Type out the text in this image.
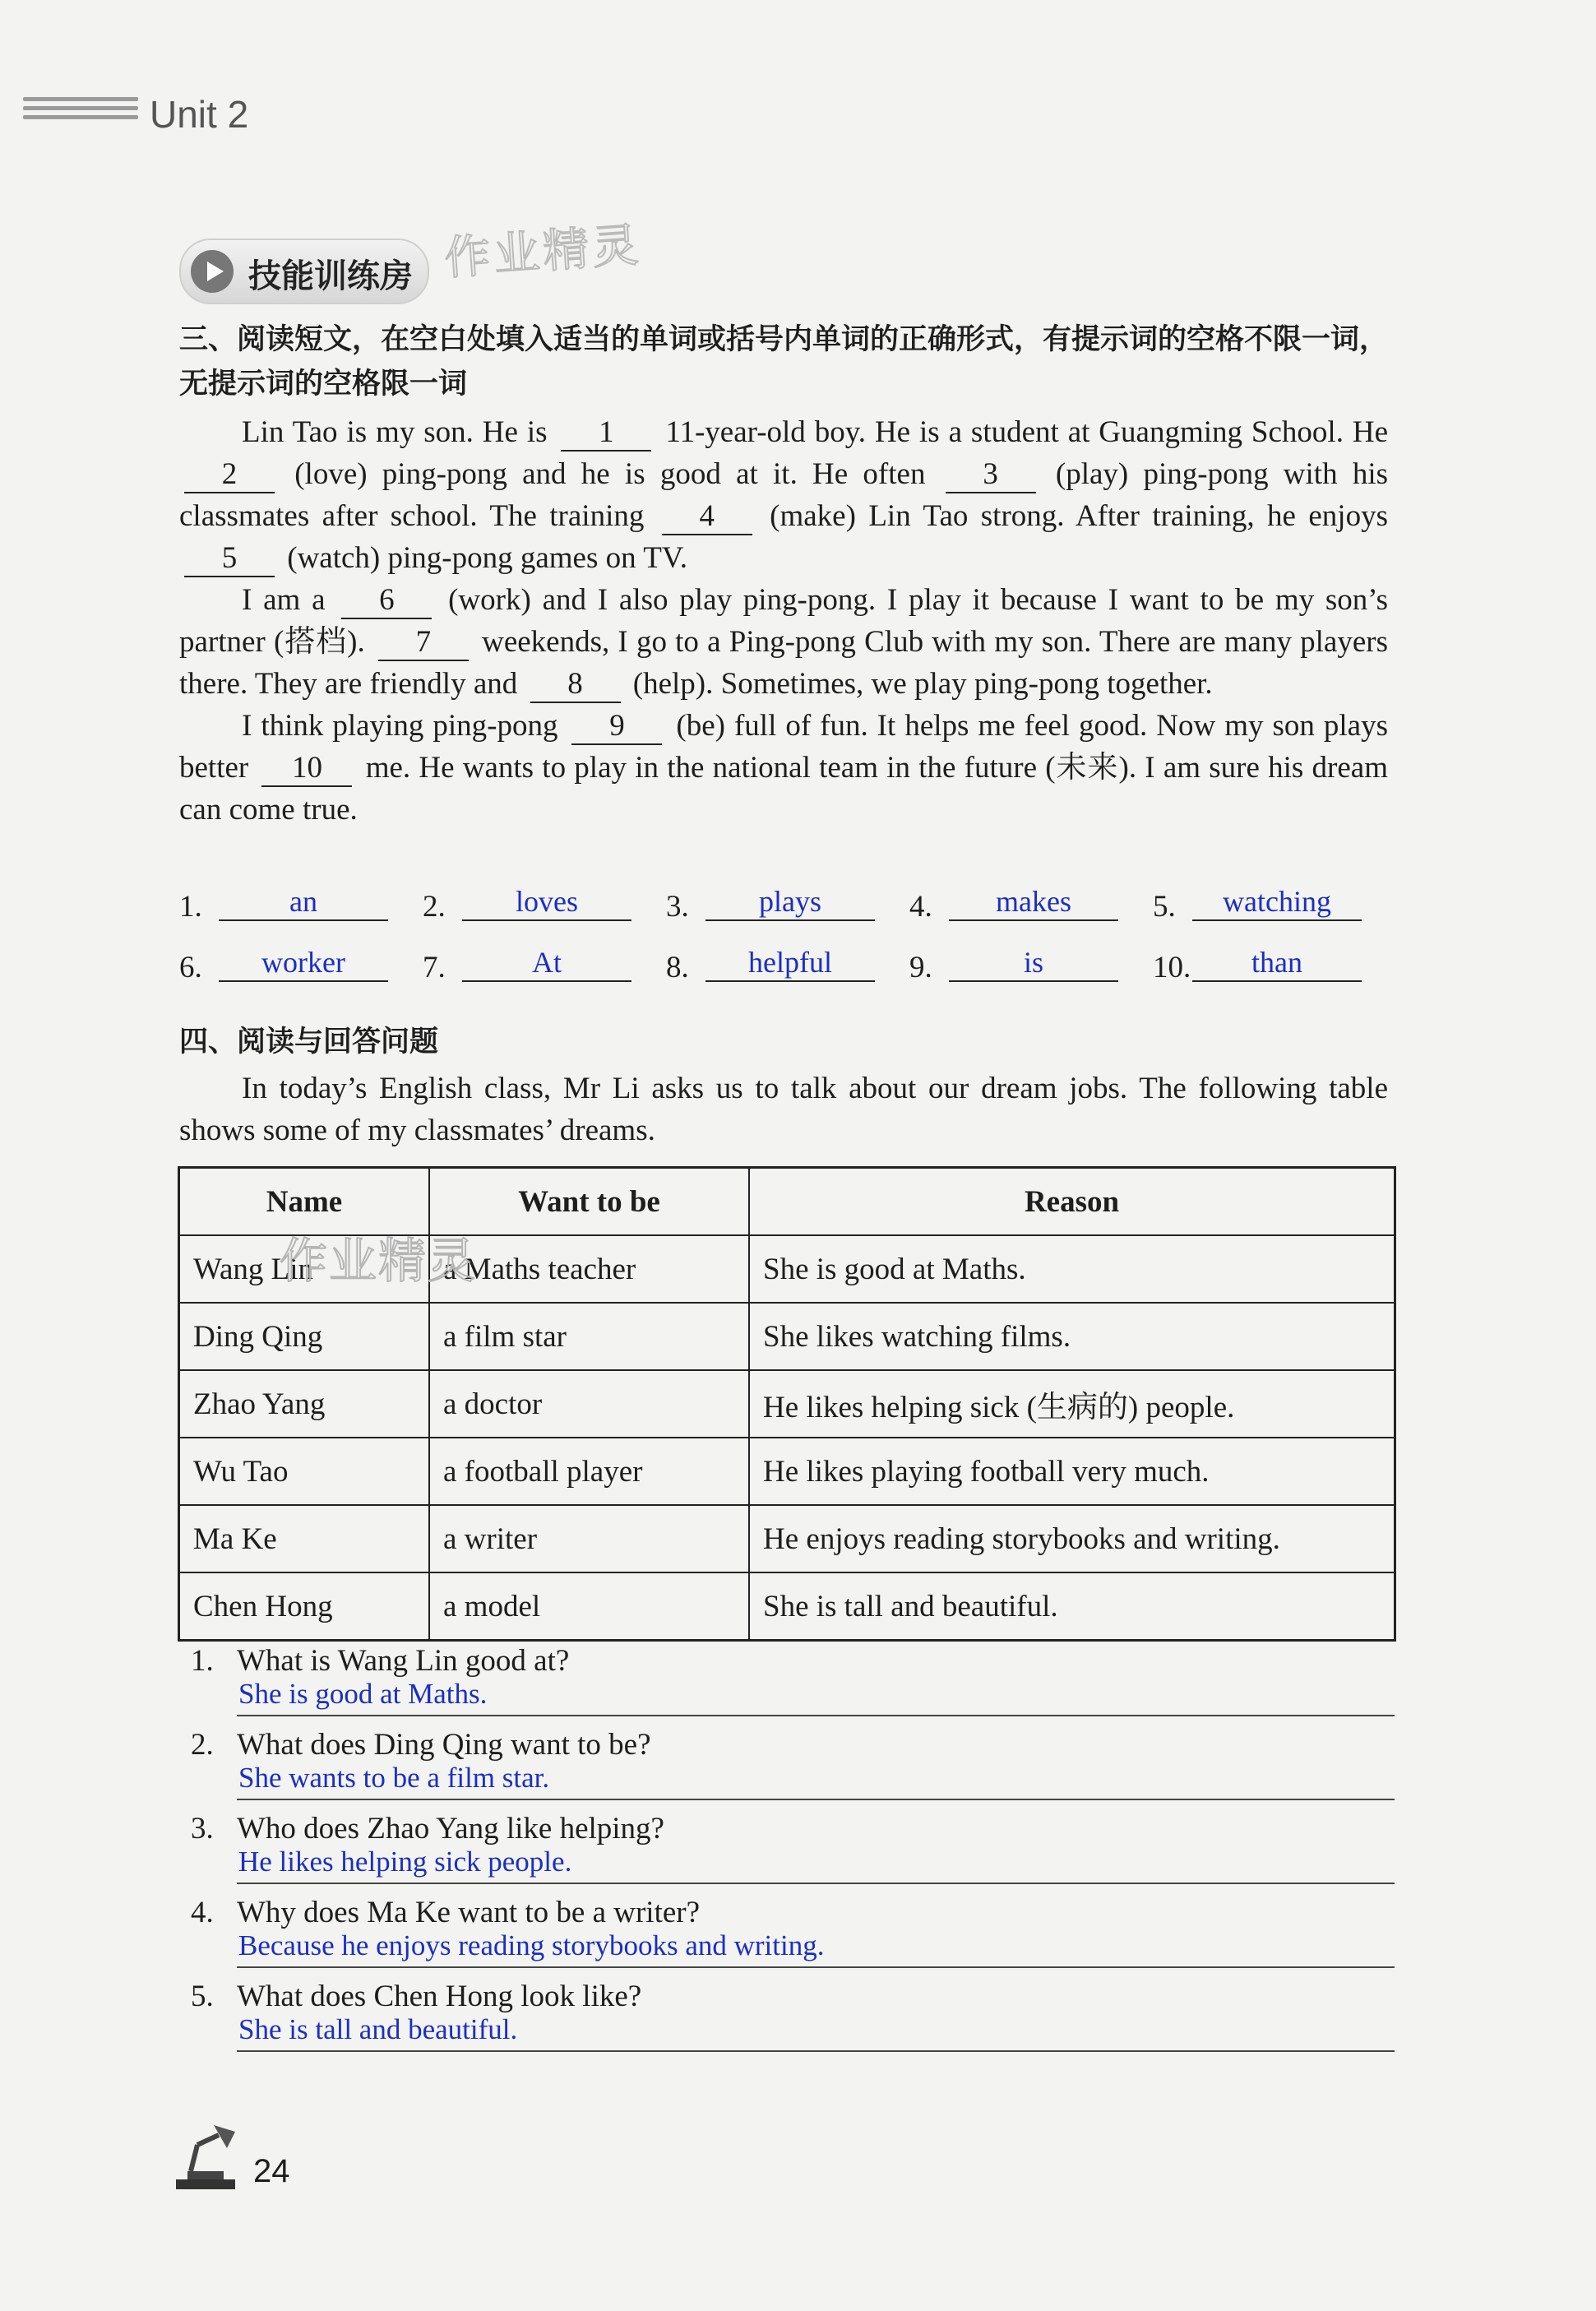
Unit 2
技能训练房 作业精灵
三、阅读短文，在空白处填入适当的单词或括号内单词的正确形式，有提示词的空格不限一词，无提示词的空格限一词

Lin Tao is my son. He is 1 11-year-old boy. He is a student at Guangming School. He 2 (love) ping-pong and he is good at it. He often 3 (play) ping-pong with his classmates after school. The training 4 (make) Lin Tao strong. After training, he enjoys 5 (watch) ping-pong games on TV.

I am a 6 (work) and I also play ping-pong. I play it because I want to be my son’s partner (搭档). 7 weekends, I go to a Ping-pong Club with my son. There are many players there. They are friendly and 8 (help). Sometimes, we play ping-pong together.

I think playing ping-pong 9 (be) full of fun. It helps me feel good. Now my son plays better 10 me. He wants to play in the national team in the future (未来). I am sure his dream can come true.

1.	an	2.	loves	3.	plays	4.	makes	5.	watching
6.	worker	7.	At	8.	helpful	9.	is	10.	than
四、阅读与回答问题

In today’s English class, Mr Li asks us to talk about our dream jobs. The following table shows some of my classmates’ dreams.

Name	Want to be	Reason
Wang Lin	a Maths teacher	She is good at Maths.
Ding Qing	a film star	She likes watching films.
Zhao Yang	a doctor	He likes helping sick (生病的) people.
Wu Tao	a football player	He likes playing football very much.
Ma Ke	a writer	He enjoys reading storybooks and writing.
Chen Hong	a model	She is tall and beautiful.
作业精灵
1. What is Wang Lin good at?
She is good at Maths.
2. What does Ding Qing want to be?
She wants to be a film star.
3. Who does Zhao Yang like helping?
He likes helping sick people.
4. Why does Ma Ke want to be a writer?
Because he enjoys reading storybooks and writing.
5. What does Chen Hong look like?
She is tall and beautiful.
24
